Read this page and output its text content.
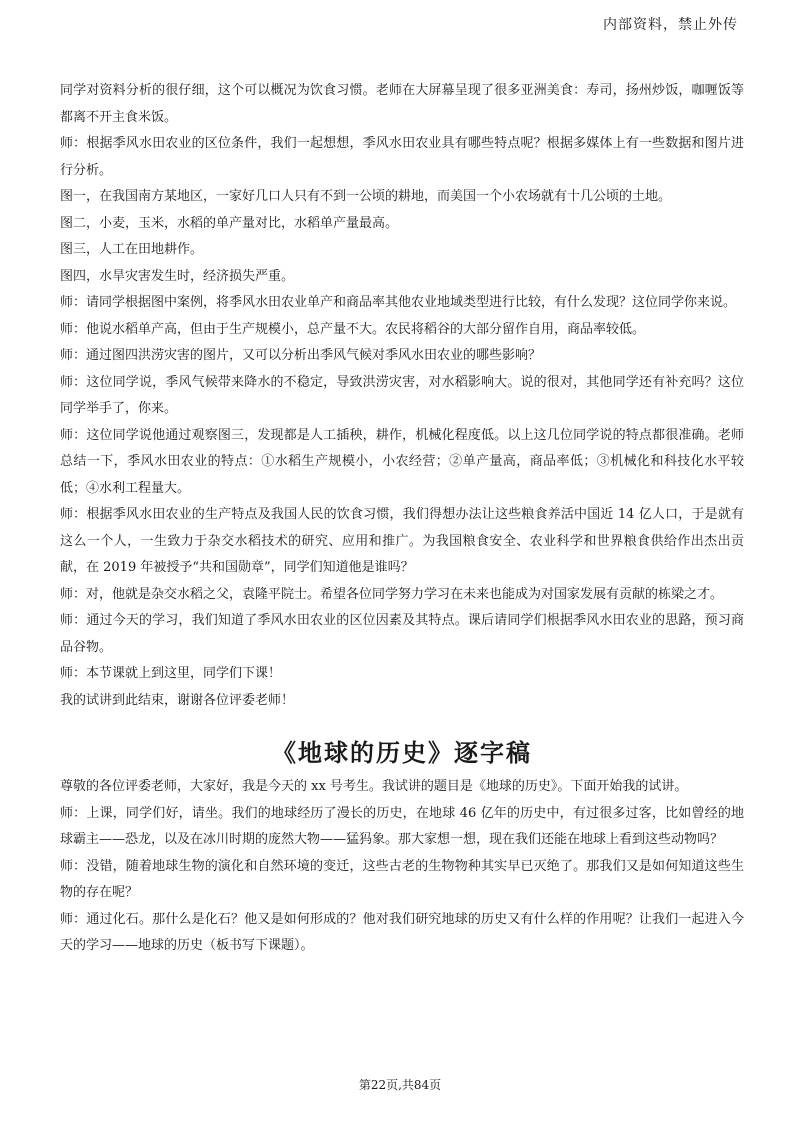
内部资料，禁止外传

同学对资料分析的很仔细，这个可以概况为饮食习惯。老师在大屏幕呈现了很多亚洲美食：寿司，扬州炒饭，咖喱饭等都离不开主食米饭。

师：根据季风水田农业的区位条件，我们一起想想，季风水田农业具有哪些特点呢？根据多媒体上有一些数据和图片进行分析。

图一，在我国南方某地区，一家好几口人只有不到一公顷的耕地，而美国一个小农场就有十几公顷的土地。

图二，小麦，玉米，水稻的单产量对比，水稻单产量最高。

图三，人工在田地耕作。

图四，水旱灾害发生时，经济损失严重。

师：请同学根据图中案例，将季风水田农业单产和商品率其他农业地域类型进行比较，有什么发现？这位同学你来说。

师：他说水稻单产高，但由于生产规模小，总产量不大。农民将稻谷的大部分留作自用，商品率较低。

师：通过图四洪涝灾害的图片，又可以分析出季风气候对季风水田农业的哪些影响？

师：这位同学说，季风气候带来降水的不稳定，导致洪涝灾害，对水稻影响大。说的很对，其他同学还有补充吗？这位同学举手了，你来。

师：这位同学说他通过观察图三，发现都是人工插秧，耕作，机械化程度低。以上这几位同学说的特点都很准确。老师总结一下，季风水田农业的特点：①水稻生产规模小，小农经营；②单产量高，商品率低；③机械化和科技化水平较低；④水利工程量大。

师：根据季风水田农业的生产特点及我国人民的饮食习惯，我们得想办法让这些粮食养活中国近 14 亿人口，于是就有这么一个人，一生致力于杂交水稻技术的研究、应用和推广。为我国粮食安全、农业科学和世界粮食供给作出杰出贡献，在 2019 年被授予“共和国勋章”，同学们知道他是谁吗？

师：对，他就是杂交水稻之父，袁隆平院士。希望各位同学努力学习在未来也能成为对国家发展有贡献的栋梁之才。

师：通过今天的学习，我们知道了季风水田农业的区位因素及其特点。课后请同学们根据季风水田农业的思路，预习商品谷物。

师：本节课就上到这里，同学们下课！

我的试讲到此结束，谢谢各位评委老师！

《地球的历史》逐字稿

尊敬的各位评委老师，大家好，我是今天的 xx 号考生。我试讲的题目是《地球的历史》。下面开始我的试讲。

师：上课，同学们好，请坐。我们的地球经历了漫长的历史，在地球 46 亿年的历史中，有过很多过客，比如曾经的地球霸主——恐龙，以及在冰川时期的庞然大物——猛犸象。那大家想一想，现在我们还能在地球上看到这些动物吗？

师：没错，随着地球生物的演化和自然环境的变迁，这些古老的生物物种其实早已灭绝了。那我们又是如何知道这些生物的存在呢？

师：通过化石。那什么是化石？他又是如何形成的？他对我们研究地球的历史又有什么样的作用呢？让我们一起进入今天的学习——地球的历史（板书写下课题）。

第22页,共84页
